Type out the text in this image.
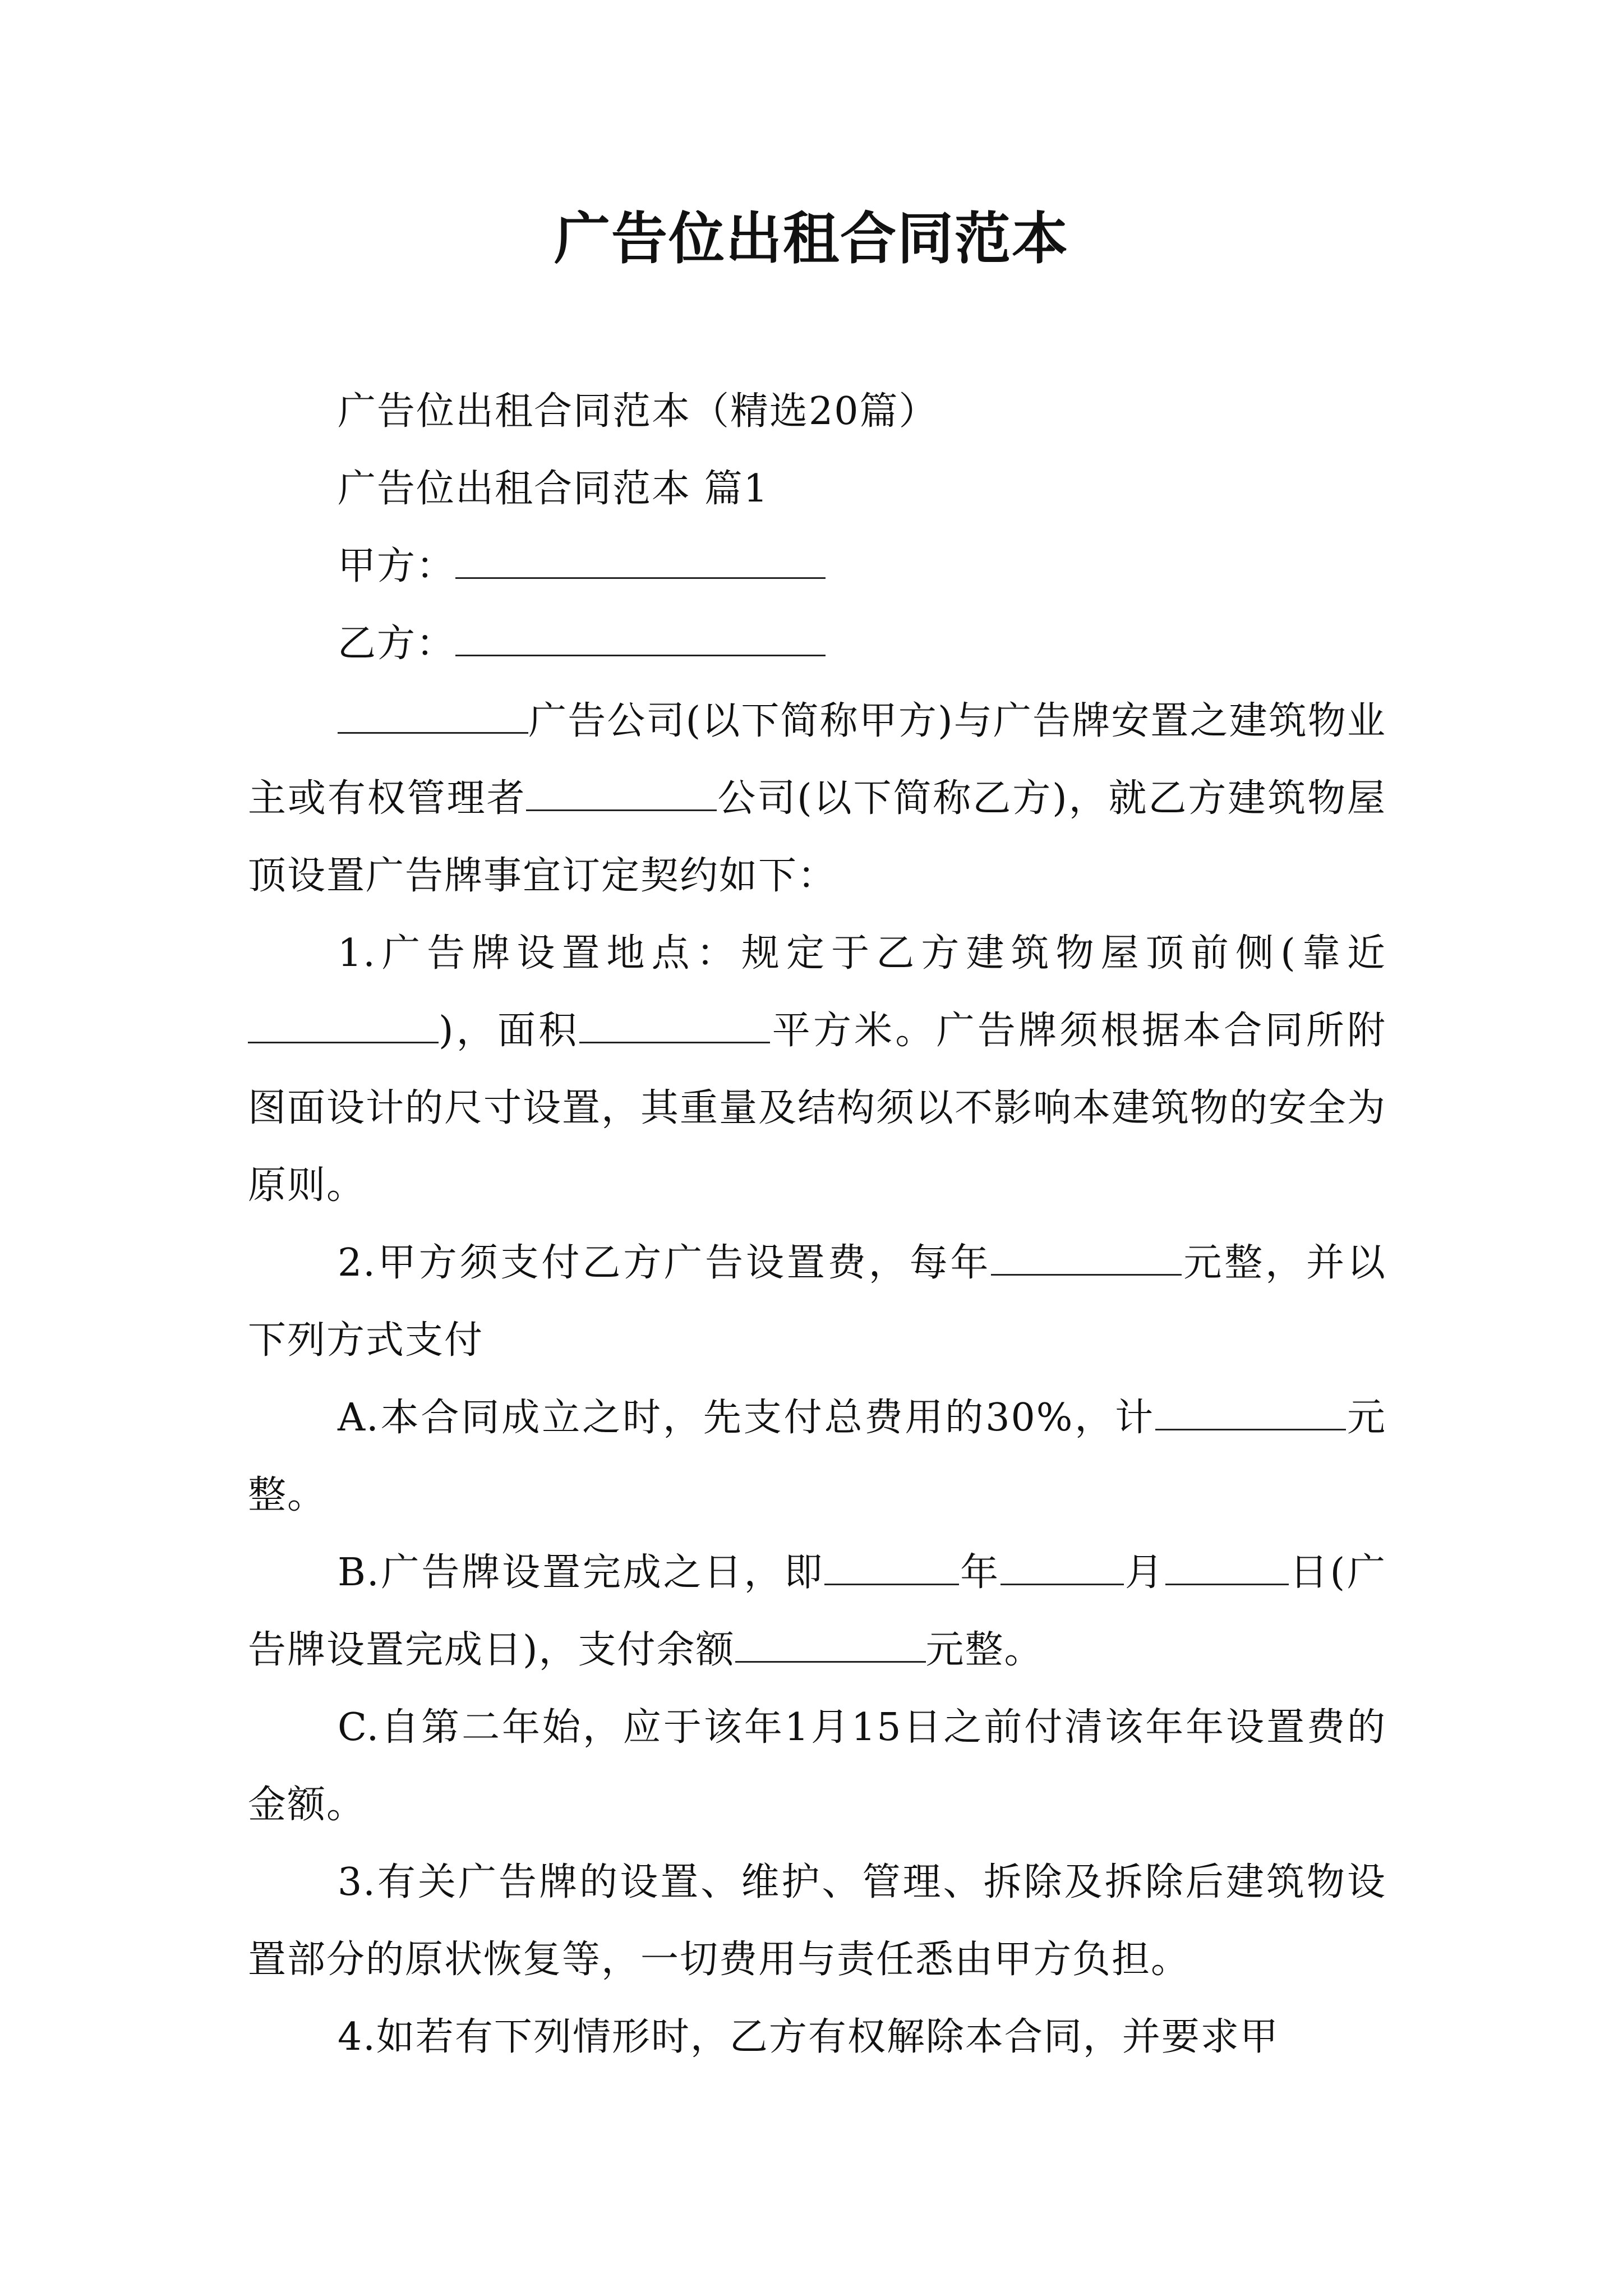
广告位出租合同范本

广告位出租合同范本（精选20篇）

广告位出租合同范本 篇1

甲方：

乙方：

广告公司(以下简称甲方)与广告牌安置之建筑物业主或有权管理者	公司(以下简称乙方)，就乙方建筑物屋顶设置广告牌事宜订定契约如下：

1.广告牌设置地点：规定于乙方建筑物屋顶前侧(靠近)，面积	平方米。广告牌须根据本合同所附图面设计的尺寸设置，其重量及结构须以不影响本建筑物的安全为原则。

2.甲方须支付乙方广告设置费，每年	元整，并以下列方式支付

A.本合同成立之时，先支付总费用的30%，计	元整。

B.广告牌设置完成之日，即	年	月	日(广告牌设置完成日)，支付余额	元整。

C.自第二年始，应于该年1月15日之前付清该年年设置费的金额。

3.有关广告牌的设置、维护、管理、拆除及拆除后建筑物设置部分的原状恢复等，一切费用与责任悉由甲方负担。

4.如若有下列情形时，乙方有权解除本合同，并要求甲
